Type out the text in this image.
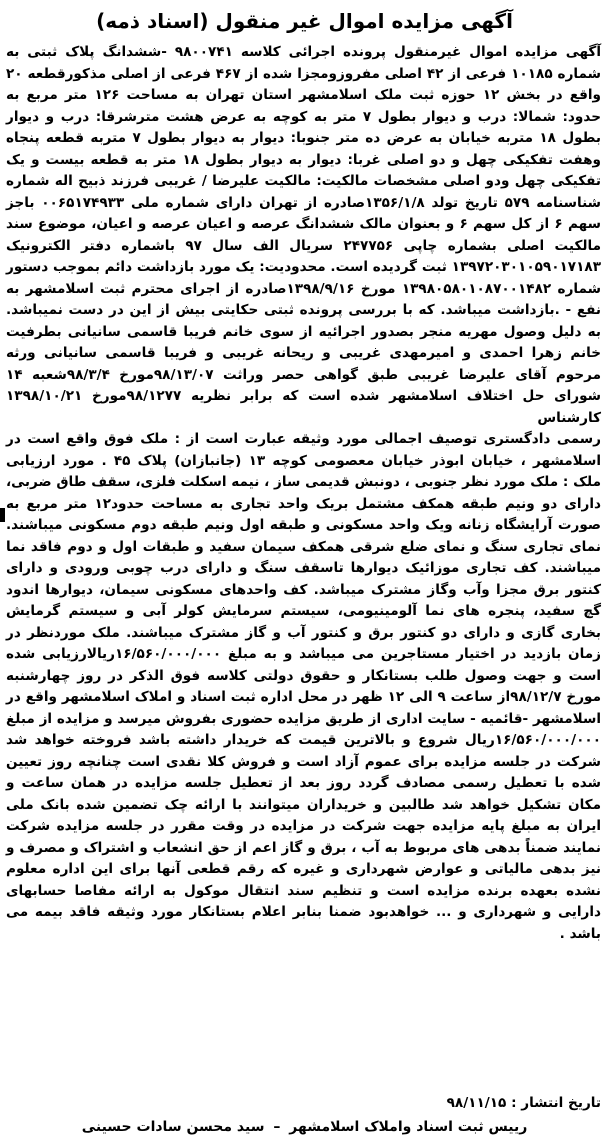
آگهی مزایده اموال غیر منقول (اسناد ذمه)

آگهی مزایده اموال غیرمنقول پرونده اجرائی کلاسه ۹۸۰۰۷۴۱ -ششدانگ پلاک ثبتی به شماره ۱۰۱۸۵ فرعی از ۴۲ اصلی مفروزومجزا شده از ۴۶۷ فرعی از اصلی مذکورقطعه ۲۰ واقع در بخش ۱۲ حوزه ثبت ملک اسلامشهر استان تهران به مساحت ۱۲۶ متر مربع به حدود: شمالا: درب و دیوار بطول ۷ متر به کوچه به عرض هشت مترشرقا: درب و دیوار بطول ۱۸ متربه خیابان به عرض ده متر جنوبا: دیوار به دیوار بطول ۷ متربه قطعه پنجاه وهفت تفکیکی چهل و دو اصلی غربا: دیوار به دیوار بطول ۱۸ متر به قطعه بیست و یک تفکیکی چهل ودو اصلی مشخصات مالکیت: مالکیت علیرضا / غریبی فرزند ذبیح اله شماره شناسنامه ۵۷۹ تاریخ تولد ۱۳۵۶/۱/۸صادره از تهران دارای شماره ملی ۰۰۶۵۱۷۴۹۳۳ باجز سهم ۶ از کل سهم ۶ و بعنوان مالک ششدانگ عرصه و اعیان عرصه و اعیان، موضوع سند مالکیت اصلی بشماره چاپی ۲۴۷۷۵۶ سریال الف سال ۹۷ باشماره دفتر الکترونیک ۱۳۹۷۲۰۳۰۱۰۵۹۰۱۷۱۸۳ ثبت گردیده است. محدودیت: یک مورد بازداشت دائم بموجب دستور شماره ۱۳۹۸۰۵۸۰۱۰۸۷۰۰۱۴۸۲ مورخ ۱۳۹۸/۹/۱۶صادره از اجرای محترم ثبت اسلامشهر به نفع - .بازداشت میباشد. که با بررسی پرونده ثبتی حکایتی بیش از این در دست نمیباشد. به دلیل وصول مهریه منجر بصدور اجرائیه از سوی خانم فریبا قاسمی سانیانی بطرفیت خانم زهرا احمدی و امیرمهدی غریبی و ریحانه غریبی و فریبا قاسمی سانیانی ورثه مرحوم آقای علیرضا غریبی طبق گواهی حصر وراثت ۹۸/۱۳/۰۷مورخ ۹۸/۳/۴شعبه ۱۴ شورای حل اختلاف اسلامشهر شده است که برابر نظریه ۹۸/۱۲۷۷مورخ ۱۳۹۸/۱۰/۲۱ کارشناس

رسمی دادگستری توصیف اجمالی مورد وثیقه عبارت است از : ملک فوق واقع است در اسلامشهر ، خیابان ابوذر خیابان معصومی کوچه ۱۳ (جانبازان) پلاک ۴۵ . مورد ارزیابی ملک : ملک مورد نظر جنوبی ، دونبش قدیمی ساز ، نیمه اسکلت فلزی، سقف طاق ضربی، دارای دو ونیم طبقه همکف مشتمل بریک واحد تجاری به مساحت حدود۱۲ متر مربع به صورت آرایشگاه زنانه ویک واحد مسکونی و طبقه اول ونیم طبقه دوم مسکونی میباشند. نمای تجاری سنگ و نمای ضلع شرقی همکف سیمان سفید و طبقات اول و دوم فاقد نما میباشند. کف تجاری موزائیک دیوارها تاسقف سنگ و دارای درب چوبی ورودی و دارای کنتور برق مجزا وآب وگاز مشترک میباشد. کف واحدهای مسکونی سیمان، دیوارها اندود گچ سفید، پنجره های نما آلومینیومی، سیستم سرمایش کولر آبی و سیستم گرمایش بخاری گازی و دارای دو کنتور برق و کنتور آب و گاز مشترک میباشند. ملک موردنظر در زمان بازدید در اختیار مستاجرین می میباشد و به مبلغ ۱۶/۵۶۰/۰۰۰/۰۰۰ریالارزیابی شده است و جهت وصول طلب بستانکار و حقوق دولتی کلاسه فوق الذکر در روز چهارشنبه مورخ ۹۸/۱۲/۷از ساعت ۹ الی ۱۲ ظهر در محل اداره ثبت اسناد و املاک اسلامشهر واقع در اسلامشهر -قائمیه - سایت اداری از طریق مزایده حضوری بفروش میرسد و مزایده از مبلغ ۱۶/۵۶۰/۰۰۰/۰۰۰ریال شروع و بالاترین قیمت که خریدار داشته باشد فروخته خواهد شد شرکت در جلسه مزایده برای عموم آزاد است و فروش کلا نقدی است چنانچه روز تعیین شده با تعطیل رسمی مصادف گردد روز بعد از تعطیل جلسه مزایده در همان ساعت و مکان تشکیل خواهد شد طالبین و خریداران میتوانند با ارائه چک تضمین شده بانک ملی ایران به مبلغ پایه مزایده جهت شرکت در مزایده در وقت مقرر در جلسه مزایده شرکت نمایند ضمناً بدهی های مربوط به آب ، برق و گاز اعم از حق انشعاب و اشتراک و مصرف و نیز بدهی مالیاتی و عوارض شهرداری و غیره که رقم قطعی آنها برای این اداره معلوم نشده بعهده برنده مزایده است و تنظیم سند انتقال موکول به ارائه مفاصا حسابهای دارایی و شهرداری و ... خواهدبود ضمنا بنابر اعلام بستانکار مورد وثیقه فاقد بیمه می باشد .

تاریخ انتشار : ۹۸/۱۱/۱۵
رییس ثبت اسناد واملاک اسلامشهر – سید محسن سادات حسینی
